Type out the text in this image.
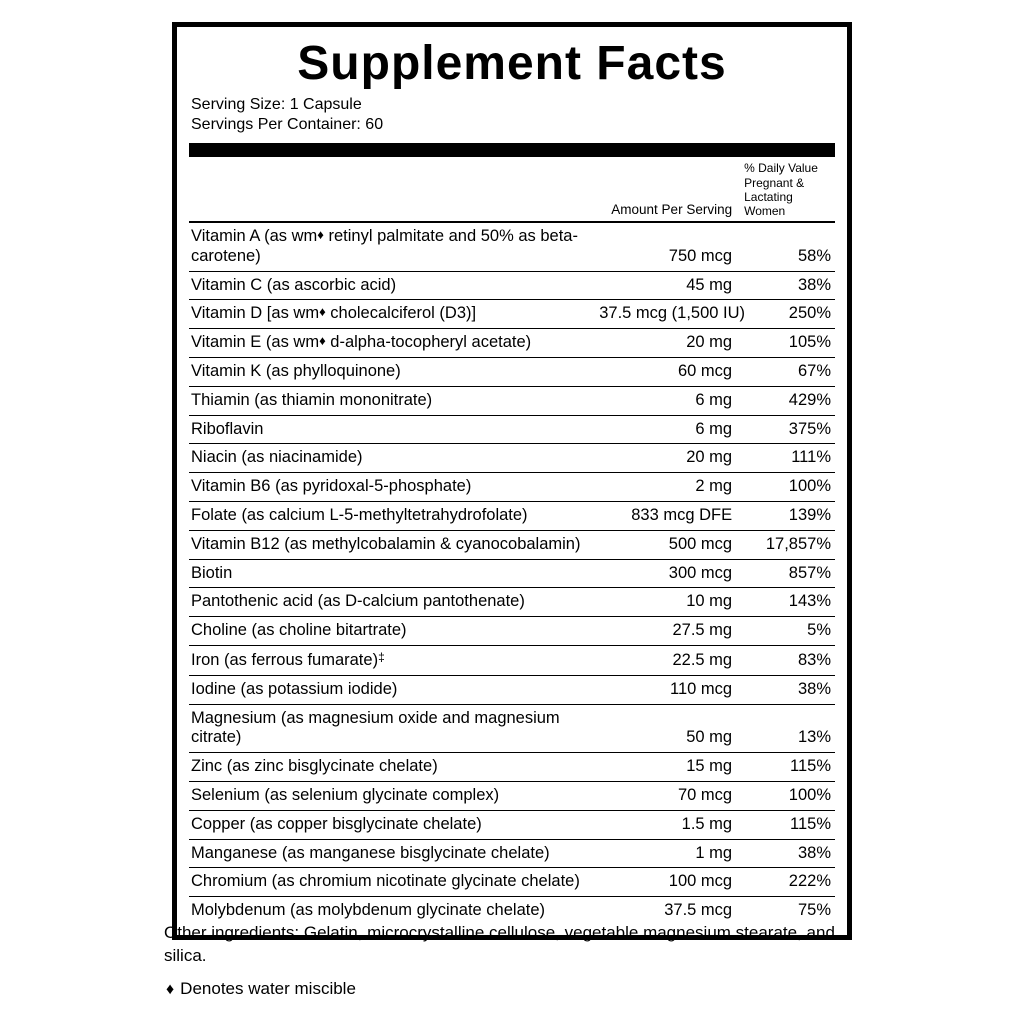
Supplement Facts
Serving Size: 1 Capsule
Servings Per Container: 60
	Amount Per Serving	% Daily Value
Pregnant &
Lactating Women

Vitamin A (as wm♦ retinyl palmitate and 50% as beta-carotene)	750 mcg	58%
Vitamin C (as ascorbic acid)	45 mg	38%
Vitamin D [as wm♦ cholecalciferol (D3)]	37.5 mcg (1,500 IU)	250%
Vitamin E (as wm♦ d-alpha-tocopheryl acetate)	20 mg	105%
Vitamin K (as phylloquinone)	60 mcg	67%
Thiamin (as thiamin mononitrate)	6 mg	429%
Riboflavin	6 mg	375%
Niacin (as niacinamide)	20 mg	111%
Vitamin B6 (as pyridoxal-5-phosphate)	2 mg	100%
Folate (as calcium L-5-methyltetrahydrofolate)	833 mcg DFE	139%
Vitamin B12 (as methylcobalamin & cyanocobalamin)	500 mcg	17,857%
Biotin	300 mcg	857%
Pantothenic acid (as D-calcium pantothenate)	10 mg	143%
Choline (as choline bitartrate)	27.5 mg	5%
Iron (as ferrous fumarate)‡	22.5 mg	83%
Iodine (as potassium iodide)	110 mcg	38%
Magnesium (as magnesium oxide and magnesium citrate)	50 mg	13%
Zinc (as zinc bisglycinate chelate)	15 mg	115%
Selenium (as selenium glycinate complex)	70 mcg	100%
Copper (as copper bisglycinate chelate)	1.5 mg	115%
Manganese (as manganese bisglycinate chelate)	1 mg	38%
Chromium (as chromium nicotinate glycinate chelate)	100 mcg	222%
Molybdenum (as molybdenum glycinate chelate)	37.5 mcg	75%

Other ingredients: Gelatin, microcrystalline cellulose, vegetable magnesium stearate, and silica.

♦ Denotes water miscible
